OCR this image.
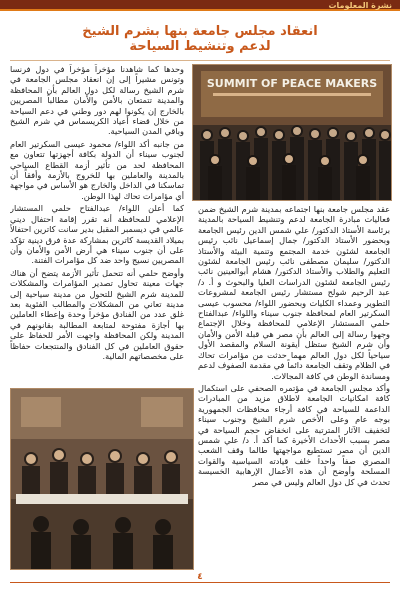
نشرة المعلومات
انعقاد مجلس جامعة بنها بشرم الشيخ
لدعم وتنشيط السياحة
SUMMIT OF PEACE MAKERS

وحدها كما شاهدنا مؤخراً مؤخراً في دول فرنسا وتونس مشيراً إلى إن انعقاد مجلس الجامعة في شرم الشيخ رسالة لكل دول العالم بأن المحافظة والمدينة تتمتعان بالأمن والأمان مطالباً المصريين بالخارج إن يكونوا لهم دور وطني في دعم السياحة من خلال قضاء أعياد الكريسماس في شرم الشيخ وباقي المدن السياحية.

من جانبه أكد اللواء/ محمود عيسى السكرتير العام لجنوب سيناء أن الدولة بكافة أجهزتها تتعاون مع المحافظة لحد من تأثير أزمة القطاع السياحي بالمدينة والعاملين بها للخروج بالأزمة وأفقاً أن تماسكنا في الداخل والخارج هو الأساس في مواجهة أي مؤامرات تحاك لهذا الوطن.

كما أعلن اللواء/ عبدالفتاح حلمي المستشار الإعلامي للمحافظة أنه تقرر إقامة احتفال ديني عالمي في ديسمبر المقبل بدير سانت كاترين احتفالاً بميلاد القديسة كاترين بمشاركة عدة فرق دينية تؤكد على أن جنوب سيناء هي أرض الأمن والأمان وأن المصريين نسيج واحد ضد كل مؤامرات الفتنة.

وأوضح حلمي أنه تتحمل تأثير الأزمة يتضح أن هناك جهات معينة تحاول تصدير المؤامرات والمشكلات للمدينة شرم الشيخ للتحول من مدينة سياحية إلى مدينة تعاني من المشكلات والمطالب الفئوية بعد غلق عدد من الفنادق مؤخراً وحدة وإعطاء العاملين بها أجازة مفتوحة لمتابعة المطالبة بقانونهم في المدينة ولكن المحافظة واجهت الأمر للحفاظ على حقوق العاملين في كل الفنادق والمنتجعات حفاظاً على مخصصاتهم المالية.

عقد مجلس جامعة بنها اجتماعه بمدينة شرم الشيخ ضمن فعاليات مبادرة الجامعة لدعم وتنشيط السياحة بالمدينة برئاسة الأستاذ الدكتور/ علي شمس الدين رئيس الجامعة وبحضور الأستاذ الدكتور/ جمال إسماعيل نائب رئيس الجامعة لشئون خدمة المجتمع وتنمية البيئة والأستاذ الدكتور/ سليمان مصطفى نائب رئيس الجامعة لشئون التعليم والطلاب والأستاذ الدكتور/ هشام أبوالعينين نائب رئيس الجامعة لشئون الدراسات العليا والبحوث و أ. د/ عبد الرحيم شولح مستشار رئيس الجامعة لمشروعات التطوير وعمداء الكليات وبحضور اللواء/ محسوب عيسى السكرتير العام لمحافظة جنوب سيناء واللواء/ عبدالفتاح حلمي المستشار الإعلامي للمحافظة وخلال الإجتماع وجهوا رسالة إلى العالم بأن مصر هي قبلة الأمن والأمان وأن شرم الشيخ ستظل أيقونة السلام والمقصد الأول سياحياً لكل دول العالم مهما حدثت من مؤامرات تحاك في الظلام وتقف الجامعة دائماً في مقدمة الصفوف لدعم ومساندة الوطن في كافة المجالات.

وأكد مجلس الجامعة في مؤتمره الصحفي على استكمال كافة امكانيات الجامعة لاطلاق مزيد من المبادرات الداعمة للسياحة في كافة أرجاء محافظات الجمهورية بوجه عام وعلى الأخص شرم الشيخ وجنوب سيناء لتخفيف الآثار المترتبة على انخفاض حجم السياحة في مصر بسبب الأحداث الأخيرة كما أكد أ. د/ علي شمس الدين أن مصر تستطيع مواجهتها طالما وقف الشعب المصري صفاً واحداً خلف قيادته السياسية والقوات المسلحة وأوضح أن هذه الأعمال الإرهابية الخسيسة تحدث في كل دول العالم وليس في مصر

٤
